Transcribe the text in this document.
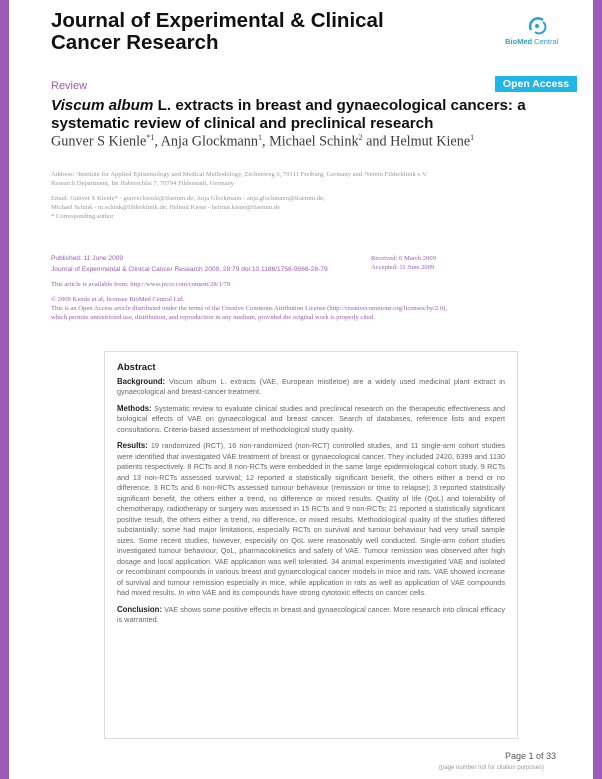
Journal of Experimental & Clinical
Cancer Research	BioMed Central
Review	Open Access
Viscum album L. extracts in breast and gynaecological cancers: a systematic review of clinical and preclinical research
Gunver S Kienle$^{*1}$, Anja Glockmann$^1$, Michael Schink$^2$ and Helmut Kiene$^1$

Address: ¹Institute for Applied Epistemology and Medical Methodology, Zechenweg 6, 79111 Freiburg, Germany and ²Verein Filderklinik e.V.

Research Department, Im Haberschlai 7, 70794 Filderstadt, Germany

Email: Gunver S Kienle* - gunver.kienle@ifaemm.de; Anja Glockmann - anja.glockmann@ifaemm.de;

Michael Schink - m.schink@filderklinik.de; Helmut Kiene - helmut.kiene@ifaemm.de

* Corresponding author

Published: 11 June 2009
Journal of Experimental & Clinical Cancer Research 2009, 28:79 doi:10.1186/1756-9966-28-79
Received: 6 March 2009
Accepted: 11 June 2009

This article is available from: http://www.jeccr.com/content/28/1/79

© 2009 Kienle et al; licensee BioMed Central Ltd.

This is an Open Access article distributed under the terms of the Creative Commons Attribution License (http://creativecommons.org/licenses/by/2.0),

which permits unrestricted use, distribution, and reproduction in any medium, provided the original work is properly cited.

Abstract

Background: Viscum album L. extracts (VAE, European mistletoe) are a widely used medicinal plant extract in gynaecological and breast-cancer treatment.

Methods: Systematic review to evaluate clinical studies and preclinical research on the therapeutic effectiveness and biological effects of VAE on gynaecological and breast cancer. Search of databases, reference lists and expert consultations. Criteria-based assessment of methodological study quality.

Results: 19 randomized (RCT), 16 non-randomized (non-RCT) controlled studies, and 11 single-arm cohort studies were identified that investigated VAE treatment of breast or gynaecological cancer. They included 2420, 6399 and 1130 patients respectively. 8 RCTs and 8 non-RCTs were embedded in the same large epidemiological cohort study. 9 RCTs and 13 non-RCTs assessed survival; 12 reported a statistically significant benefit, the others either a trend or no difference. 3 RCTs and 6 non-RCTs assessed tumour behaviour (remission or time to relapse); 3 reported statistically significant benefit, the others either a trend, no difference or mixed results. Quality of life (QoL) and tolerability of chemotherapy, radiotherapy or surgery was assessed in 15 RCTs and 9 non-RCTs; 21 reported a statistically significant positive result, the others either a trend, no difference, or mixed results. Methodological quality of the studies differed substantially; some had major limitations, especially RCTs on survival and tumour behaviour had very small sample sizes. Some recent studies, however, especially on QoL were reasonably well conducted. Single-arm cohort studies investigated tumour behaviour, QoL, pharmacokinetics and safety of VAE. Tumour remission was observed after high dosage and local application. VAE application was well tolerated. 34 animal experiments investigated VAE and isolated or recombinant compounds in various breast and gynaecological cancer models in mice and rats. VAE showed increase of survival and tumour remission especially in mice, while application in rats as well as application of VAE compounds had mixed results. In vitro VAE and its compounds have strong cytotoxic effects on cancer cells.

Conclusion: VAE shows some positive effects in breast and gynaecological cancer. More research into clinical efficacy is warranted.

Page 1 of 33
(page number not for citation purposes)
